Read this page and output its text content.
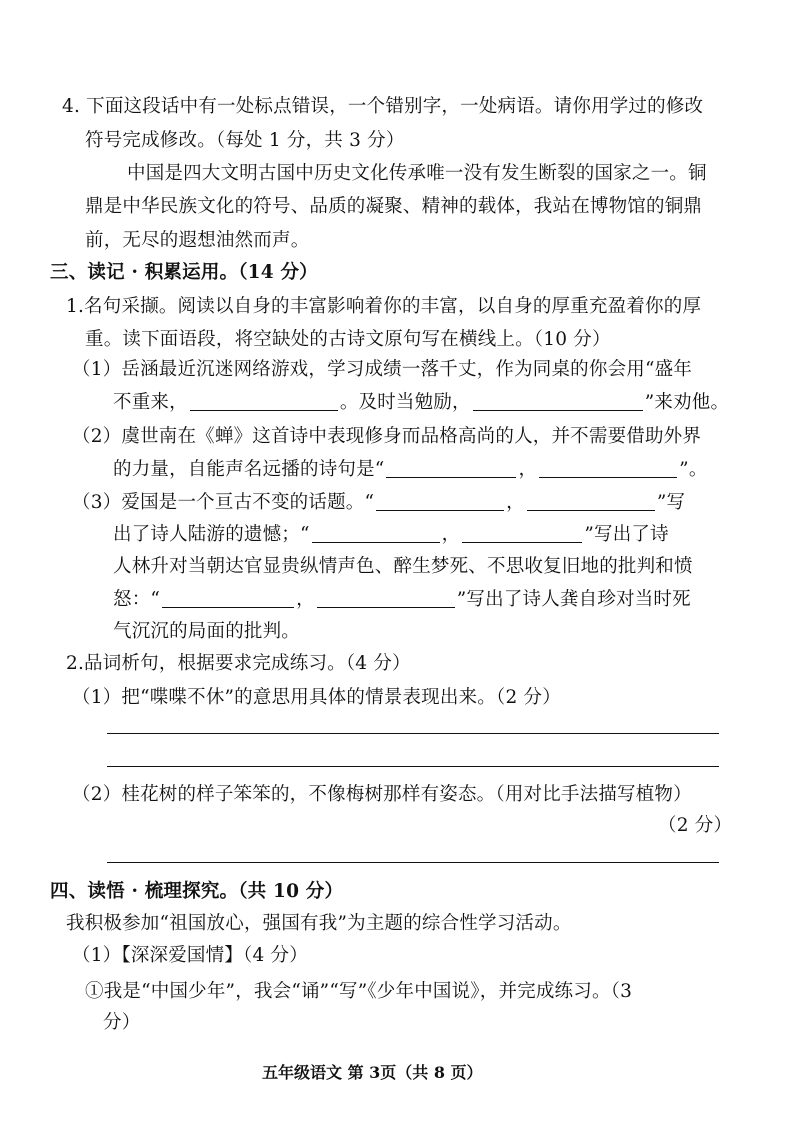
4. 下面这段话中有一处标点错误，一个错别字，一处病语。请你用学过的修改
符号完成修改。（每处 1 分，共 3 分）
中国是四大文明古国中历史文化传承唯一没有发生断裂的国家之一。铜
鼎是中华民族文化的符号、品质的凝聚、精神的载体，我站在博物馆的铜鼎
前，无尽的遐想油然而声。
三、读记 · 积累运用。（14 分）
1.名句采撷。阅读以自身的丰富影响着你的丰富，以自身的厚重充盈着你的厚
重。读下面语段，将空缺处的古诗文原句写在横线上。（10 分）
（1）岳涵最近沉迷网络游戏，学习成绩一落千丈，作为同桌的你会用“盛年
不重来，	。及时当勉励，	”来劝他。
（2）虞世南在《蝉》这首诗中表现修身而品格高尚的人，并不需要借助外界
的力量，自能声名远播的诗句是“	，	”。
（3）爱国是一个亘古不变的话题。“	，	”写
出了诗人陆游的遗憾；“	，	”写出了诗
人林升对当朝达官显贵纵情声色、醉生梦死、不思收复旧地的批判和愤
怒：“	，	”写出了诗人龚自珍对当时死
气沉沉的局面的批判。
2.品词析句，根据要求完成练习。（4 分）
（1）把“喋喋不休”的意思用具体的情景表现出来。（2 分）
（2）桂花树的样子笨笨的，不像梅树那样有姿态。（用对比手法描写植物）
（2 分）
四、读悟 · 梳理探究。（共 10 分）
我积极参加“祖国放心，强国有我”为主题的综合性学习活动。
（1）【深深爱国情】（4 分）
①我是“中国少年”，我会“诵”“写”《少年中国说》，并完成练习。（3
分）
五年级语文 第 3页（共 8 页）
